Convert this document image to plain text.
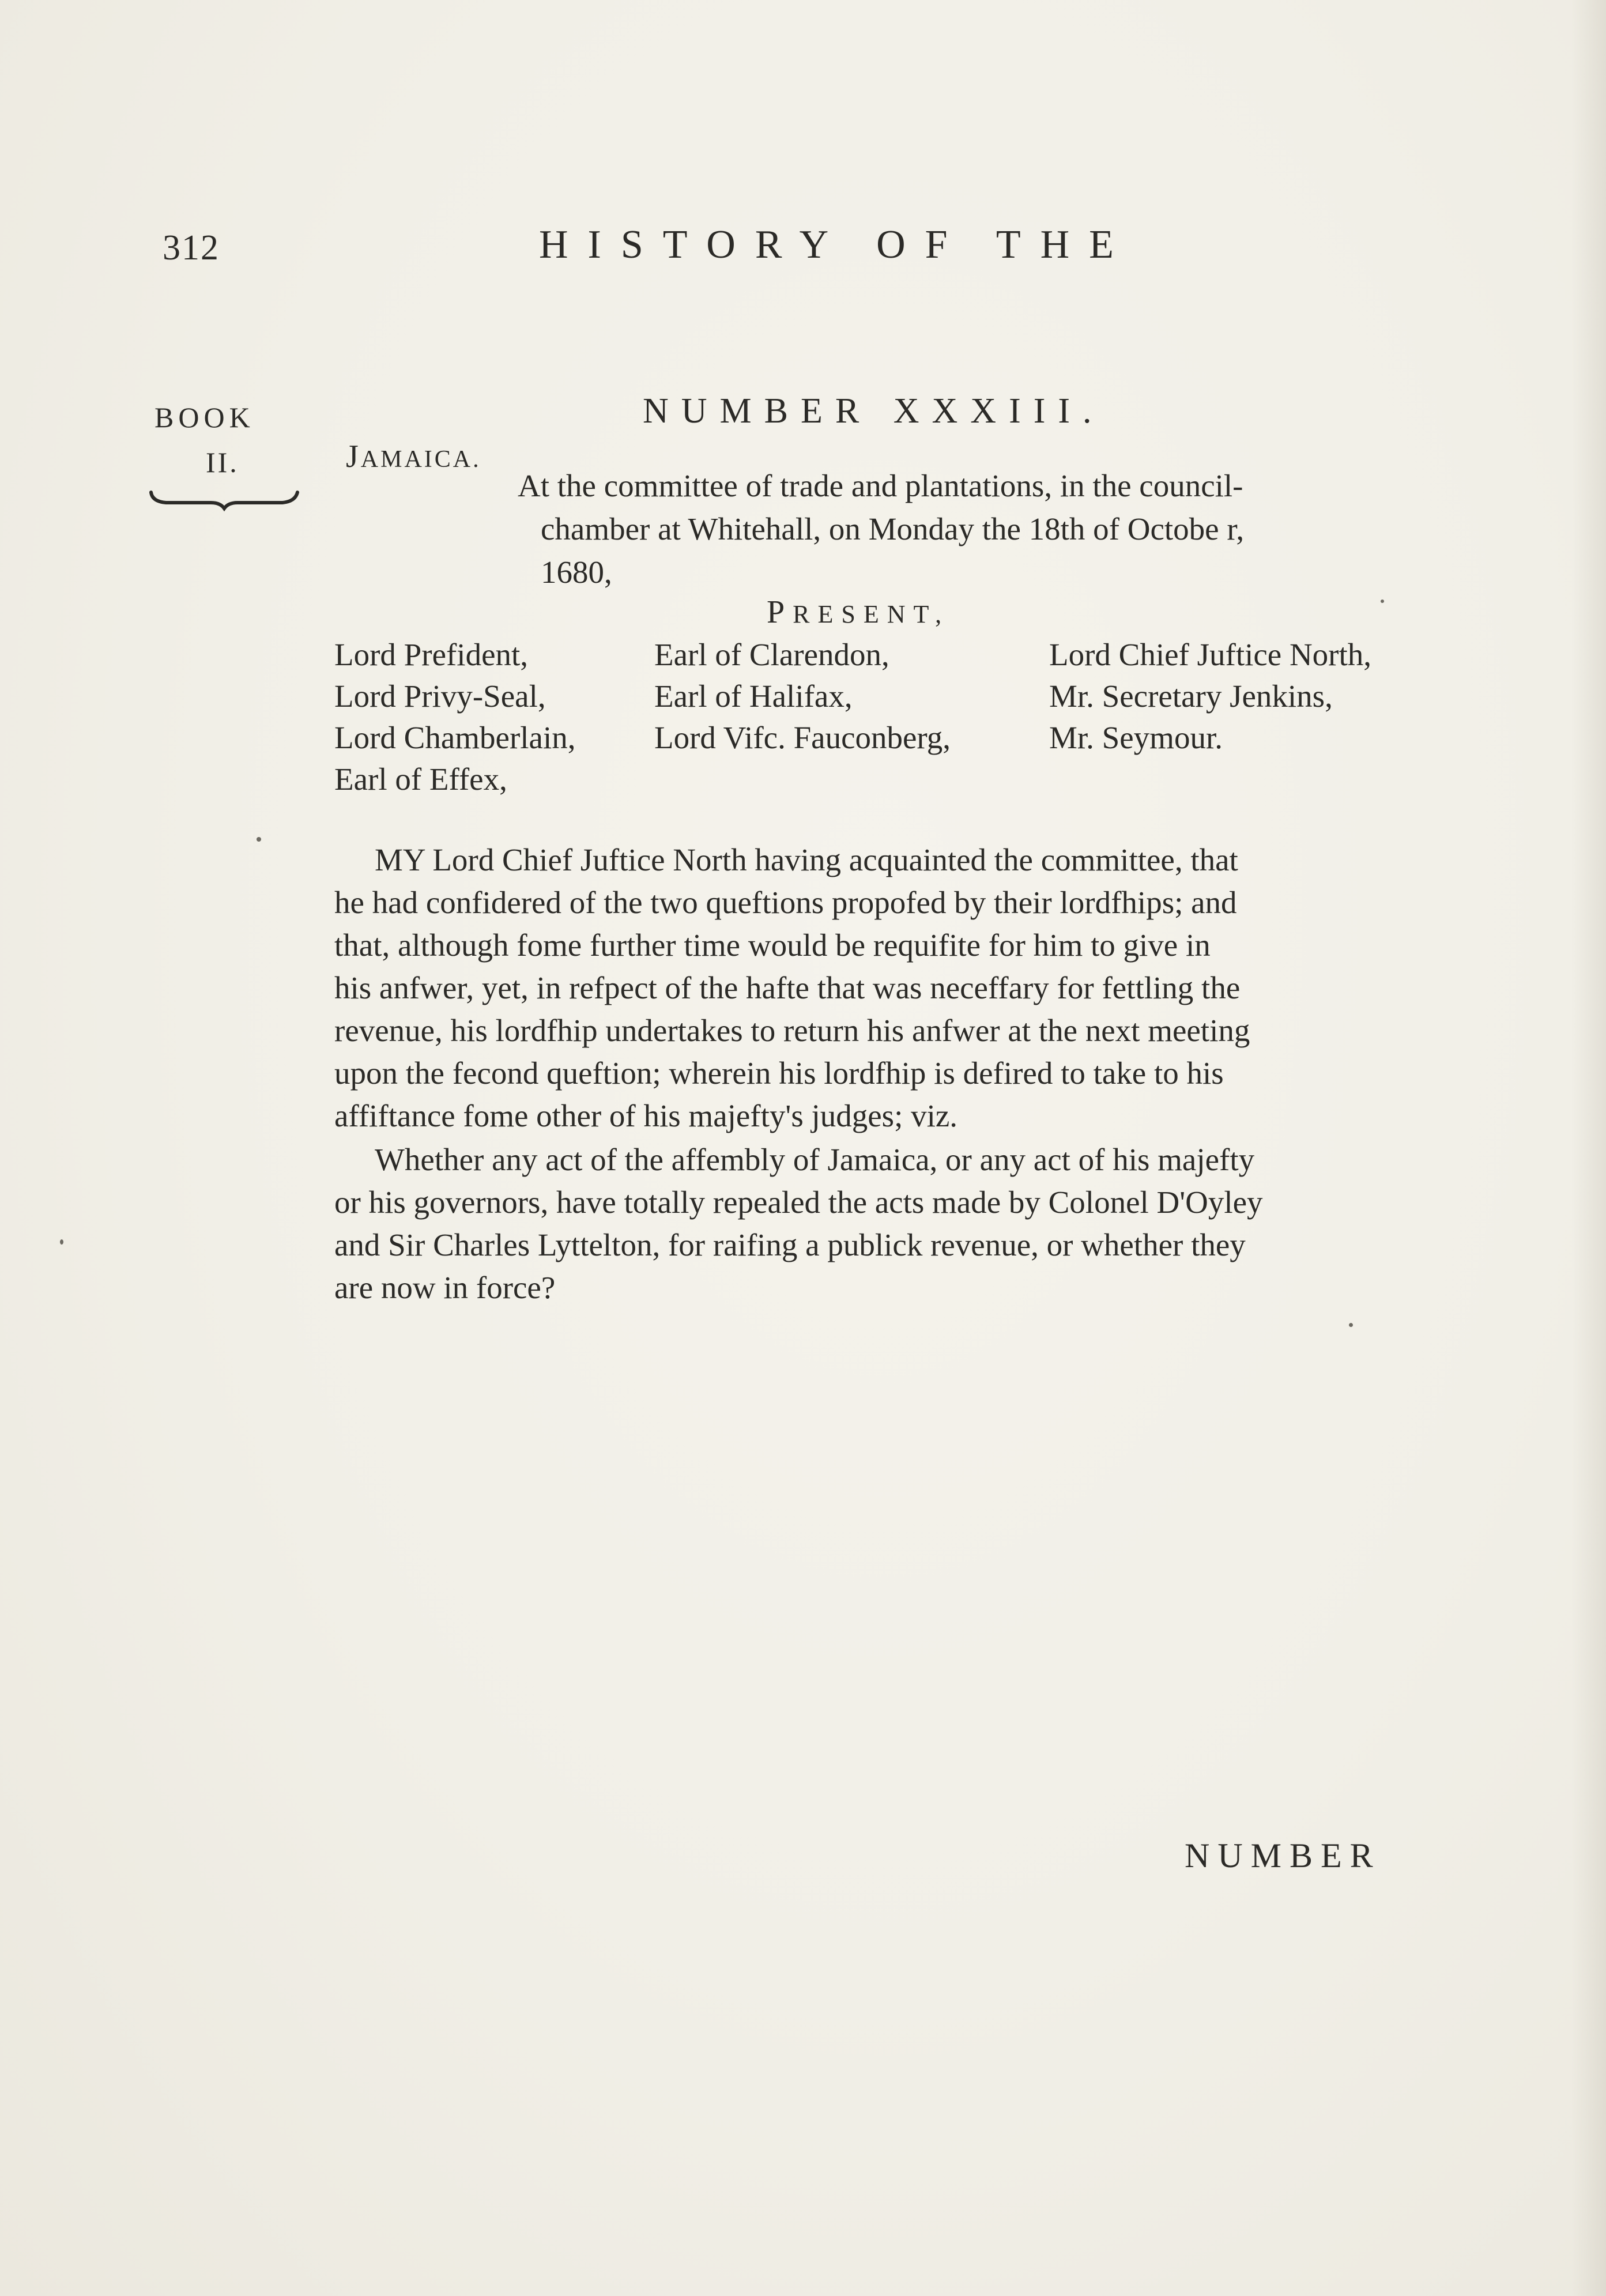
312	HISTORY OF THE
BOOK
II.
NUMBER XXXIII.
JAMAICA.
At the committee of trade and plantations, in the council-
chamber at Whitehall, on Monday the 18th of Octobe r,
1680,
PRESENT,
Lord Prefident,
Lord Privy-Seal,
Lord Chamberlain,
Earl of Effex,
Earl of Clarendon,
Earl of Halifax,
Lord Vifc. Fauconberg,
Lord Chief Juftice North,
Mr. Secretary Jenkins,
Mr. Seymour.
MY Lord Chief Juftice North having acquainted the committee, that
he had confidered of the two queftions propofed by their lordfhips; and
that, although fome further time would be requifite for him to give in
his anfwer, yet, in refpect of the hafte that was neceffary for fettling the
revenue, his lordfhip undertakes to return his anfwer at the next meeting
upon the fecond queftion; wherein his lordfhip is defired to take to his
affiftance fome other of his majefty's judges; viz.
Whether any act of the affembly of Jamaica, or any act of his majefty
or his governors, have totally repealed the acts made by Colonel D'Oyley
and Sir Charles Lyttelton, for raifing a publick revenue, or whether they
are now in force?
NUMBER
